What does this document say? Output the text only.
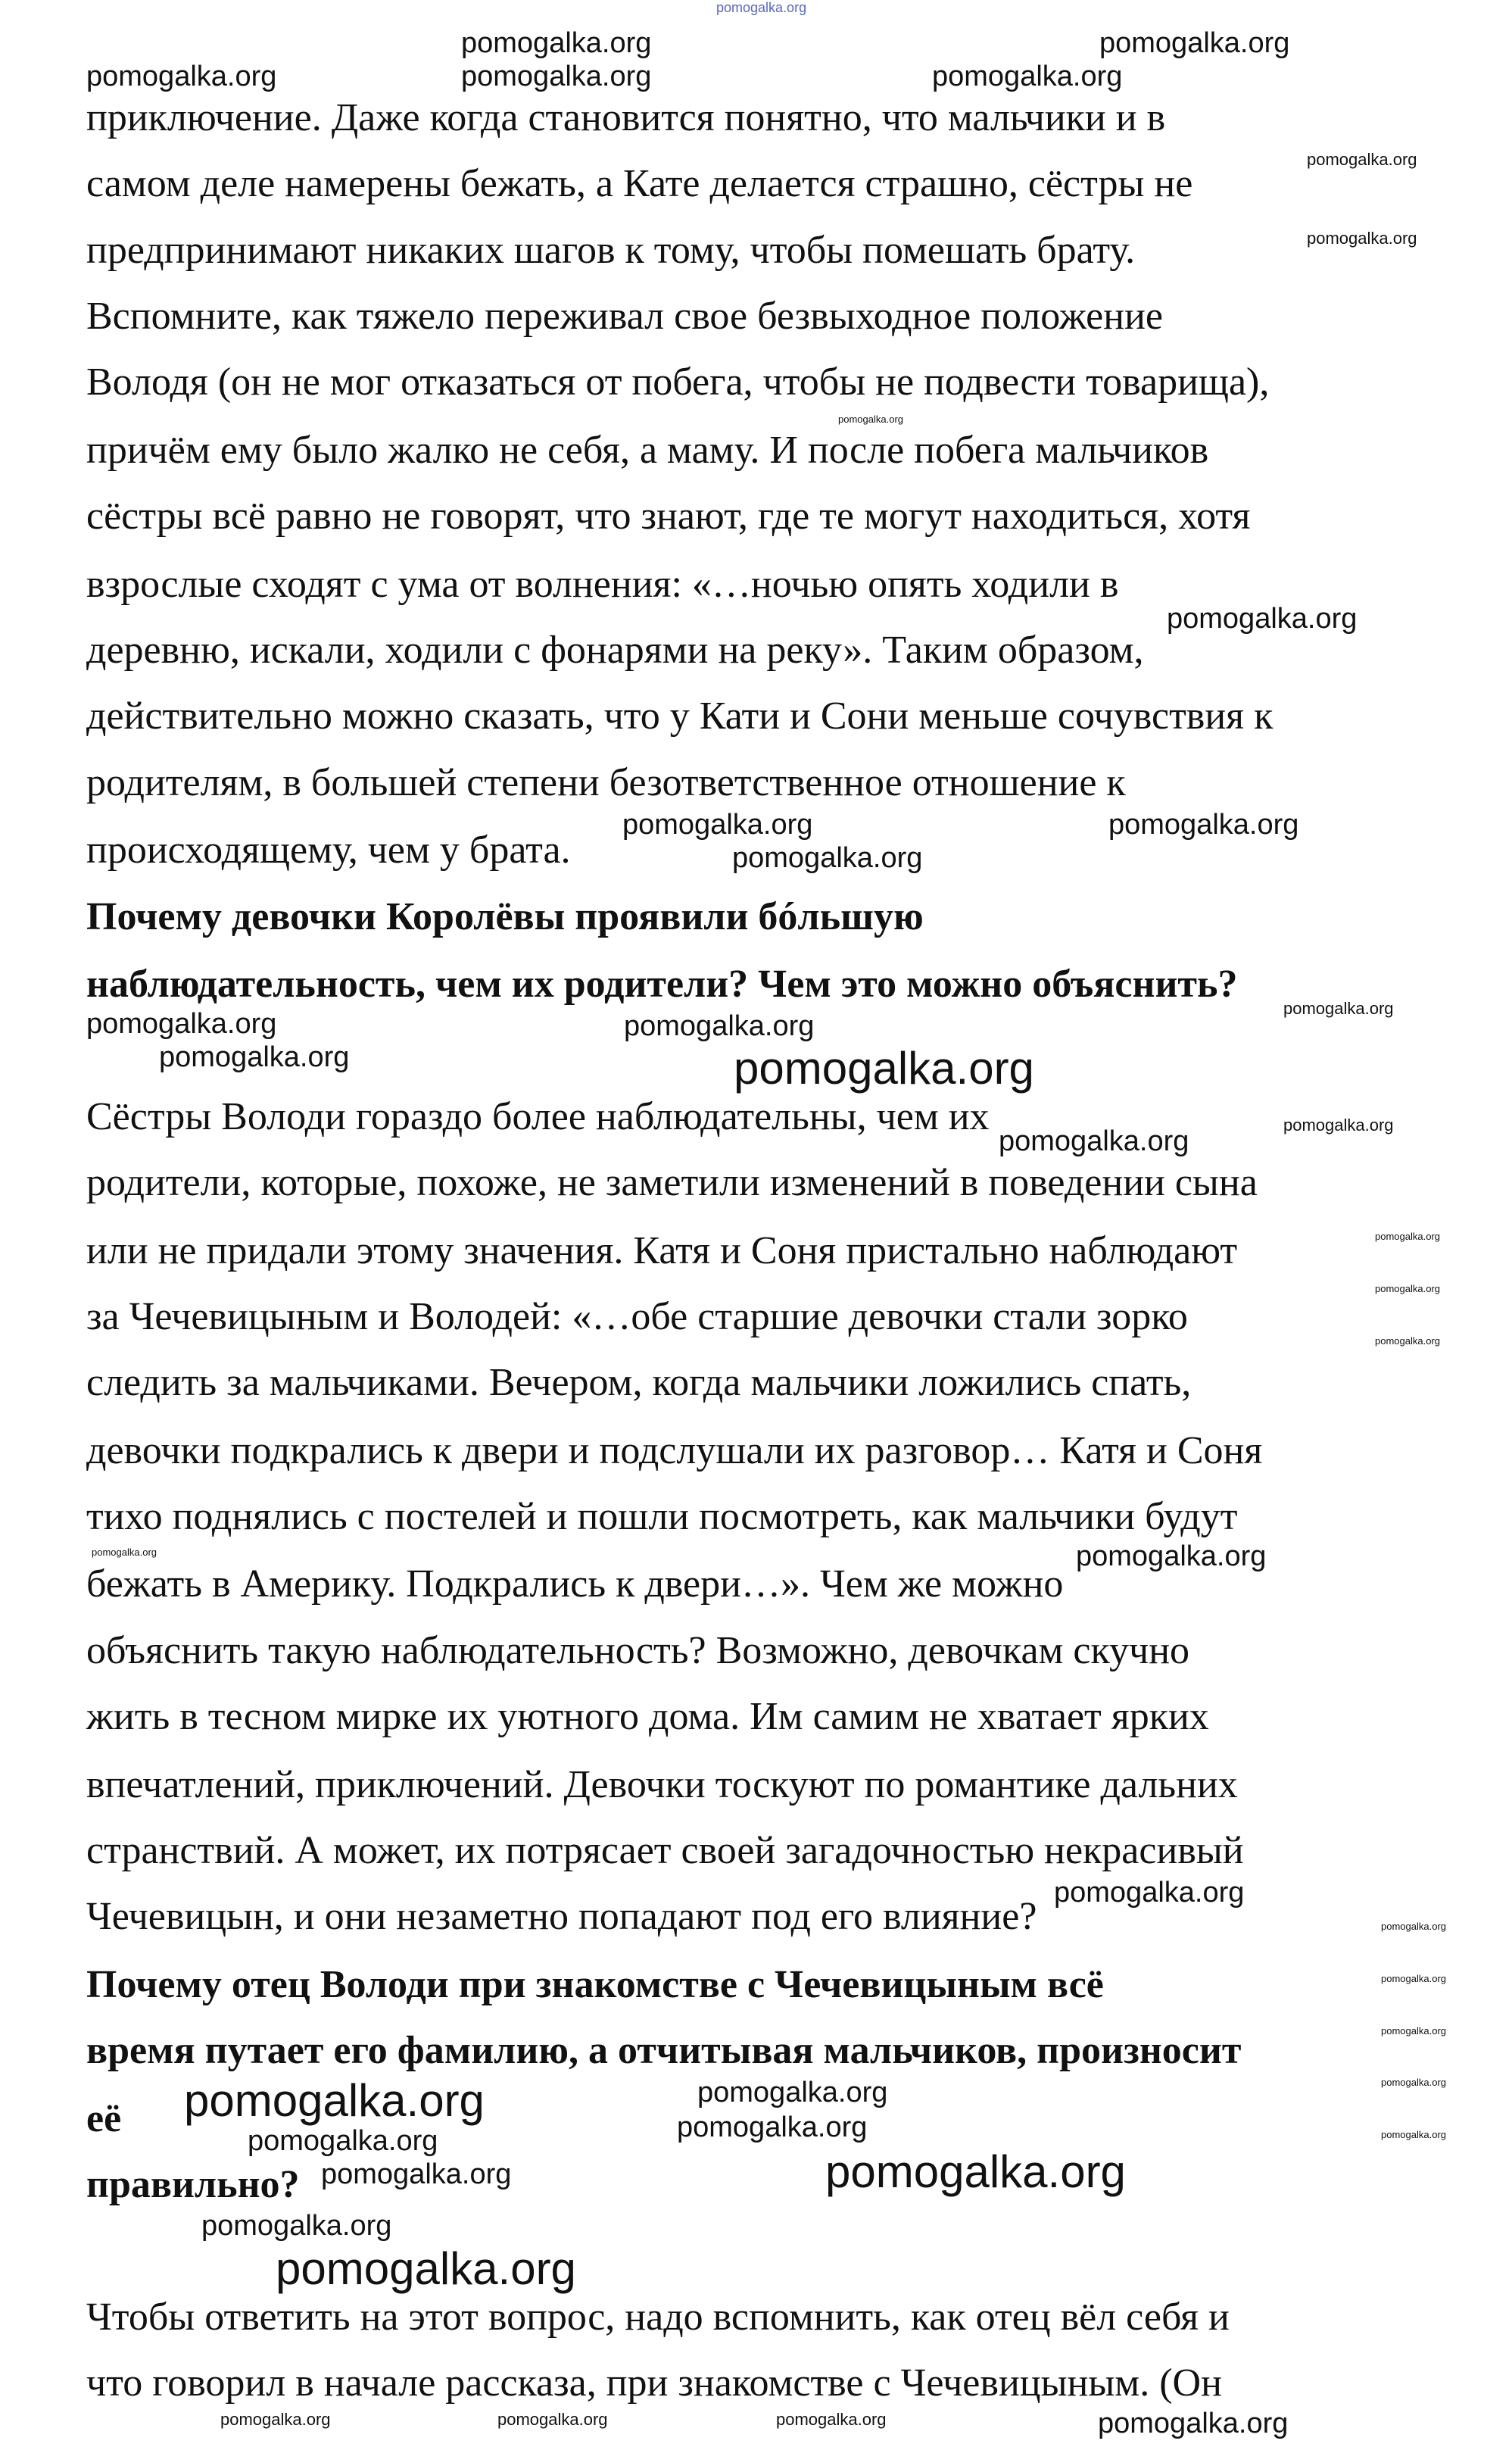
приключение. Даже когда становится понятно, что мальчики и в
самом деле намерены бежать, а Кате делается страшно, сёстры не
предпринимают никаких шагов к тому, чтобы помешать брату.
Вспомните, как тяжело переживал свое безвыходное положение
Володя (он не мог отказаться от побега, чтобы не подвести товарища),
причём ему было жалко не себя, а маму. И после побега мальчиков
сёстры всё равно не говорят, что знают, где те могут находиться, хотя
взрослые сходят с ума от волнения: «…ночью опять ходили в
деревню, искали, ходили с фонарями на реку». Таким образом,
действительно можно сказать, что у Кати и Сони меньше сочувствия к
родителям, в большей степени безответственное отношение к
происходящему, чем у брата.
Почему девочки Королёвы проявили бóльшую
наблюдательность, чем их родители? Чем это можно объяснить?
Сёстры Володи гораздо более наблюдательны, чем их
родители, которые, похоже, не заметили изменений в поведении сына
или не придали этому значения. Катя и Соня пристально наблюдают
за Чечевицыным и Володей: «…обе старшие девочки стали зорко
следить за мальчиками. Вечером, когда мальчики ложились спать,
девочки подкрались к двери и подслушали их разговор… Катя и Соня
тихо поднялись с постелей и пошли посмотреть, как мальчики будут
бежать в Америку. Подкрались к двери…». Чем же можно
объяснить такую наблюдательность? Возможно, девочкам скучно
жить в тесном мирке их уютного дома. Им самим не хватает ярких
впечатлений, приключений. Девочки тоскуют по романтике дальних
странствий. А может, их потрясает своей загадочностью некрасивый
Чечевицын, и они незаметно попадают под его влияние?
Почему отец Володи при знакомстве с Чечевицыным всё
время путает его фамилию, а отчитывая мальчиков, произносит
её
правильно?
Чтобы ответить на этот вопрос, надо вспомнить, как отец вёл себя и
что говорил в начале рассказа, при знакомстве с Чечевицыным. (Он
pomogalka.org
pomogalka.org
pomogalka.org	pomogalka.org	pomogalka.org
pomogalka.org
pomogalka.org
pomogalka.org
pomogalka.org
pomogalka.org
pomogalka.org
pomogalka.org
pomogalka.org
pomogalka.org
pomogalka.org
pomogalka.org
pomogalka.org
pomogalka.org
pomogalka.org
pomogalka.org
pomogalka.org
pomogalka.org
pomogalka.org
pomogalka.org
pomogalka.org
pomogalka.org
pomogalka.org
pomogalka.org
pomogalka.org
pomogalka.org
pomogalka.org
pomogalka.org
pomogalka.org
pomogalka.org
pomogalka.org
pomogalka.org
pomogalka.org
pomogalka.org
pomogalka.org
pomogalka.org	pomogalka.org	pomogalka.org	pomogalka.org
